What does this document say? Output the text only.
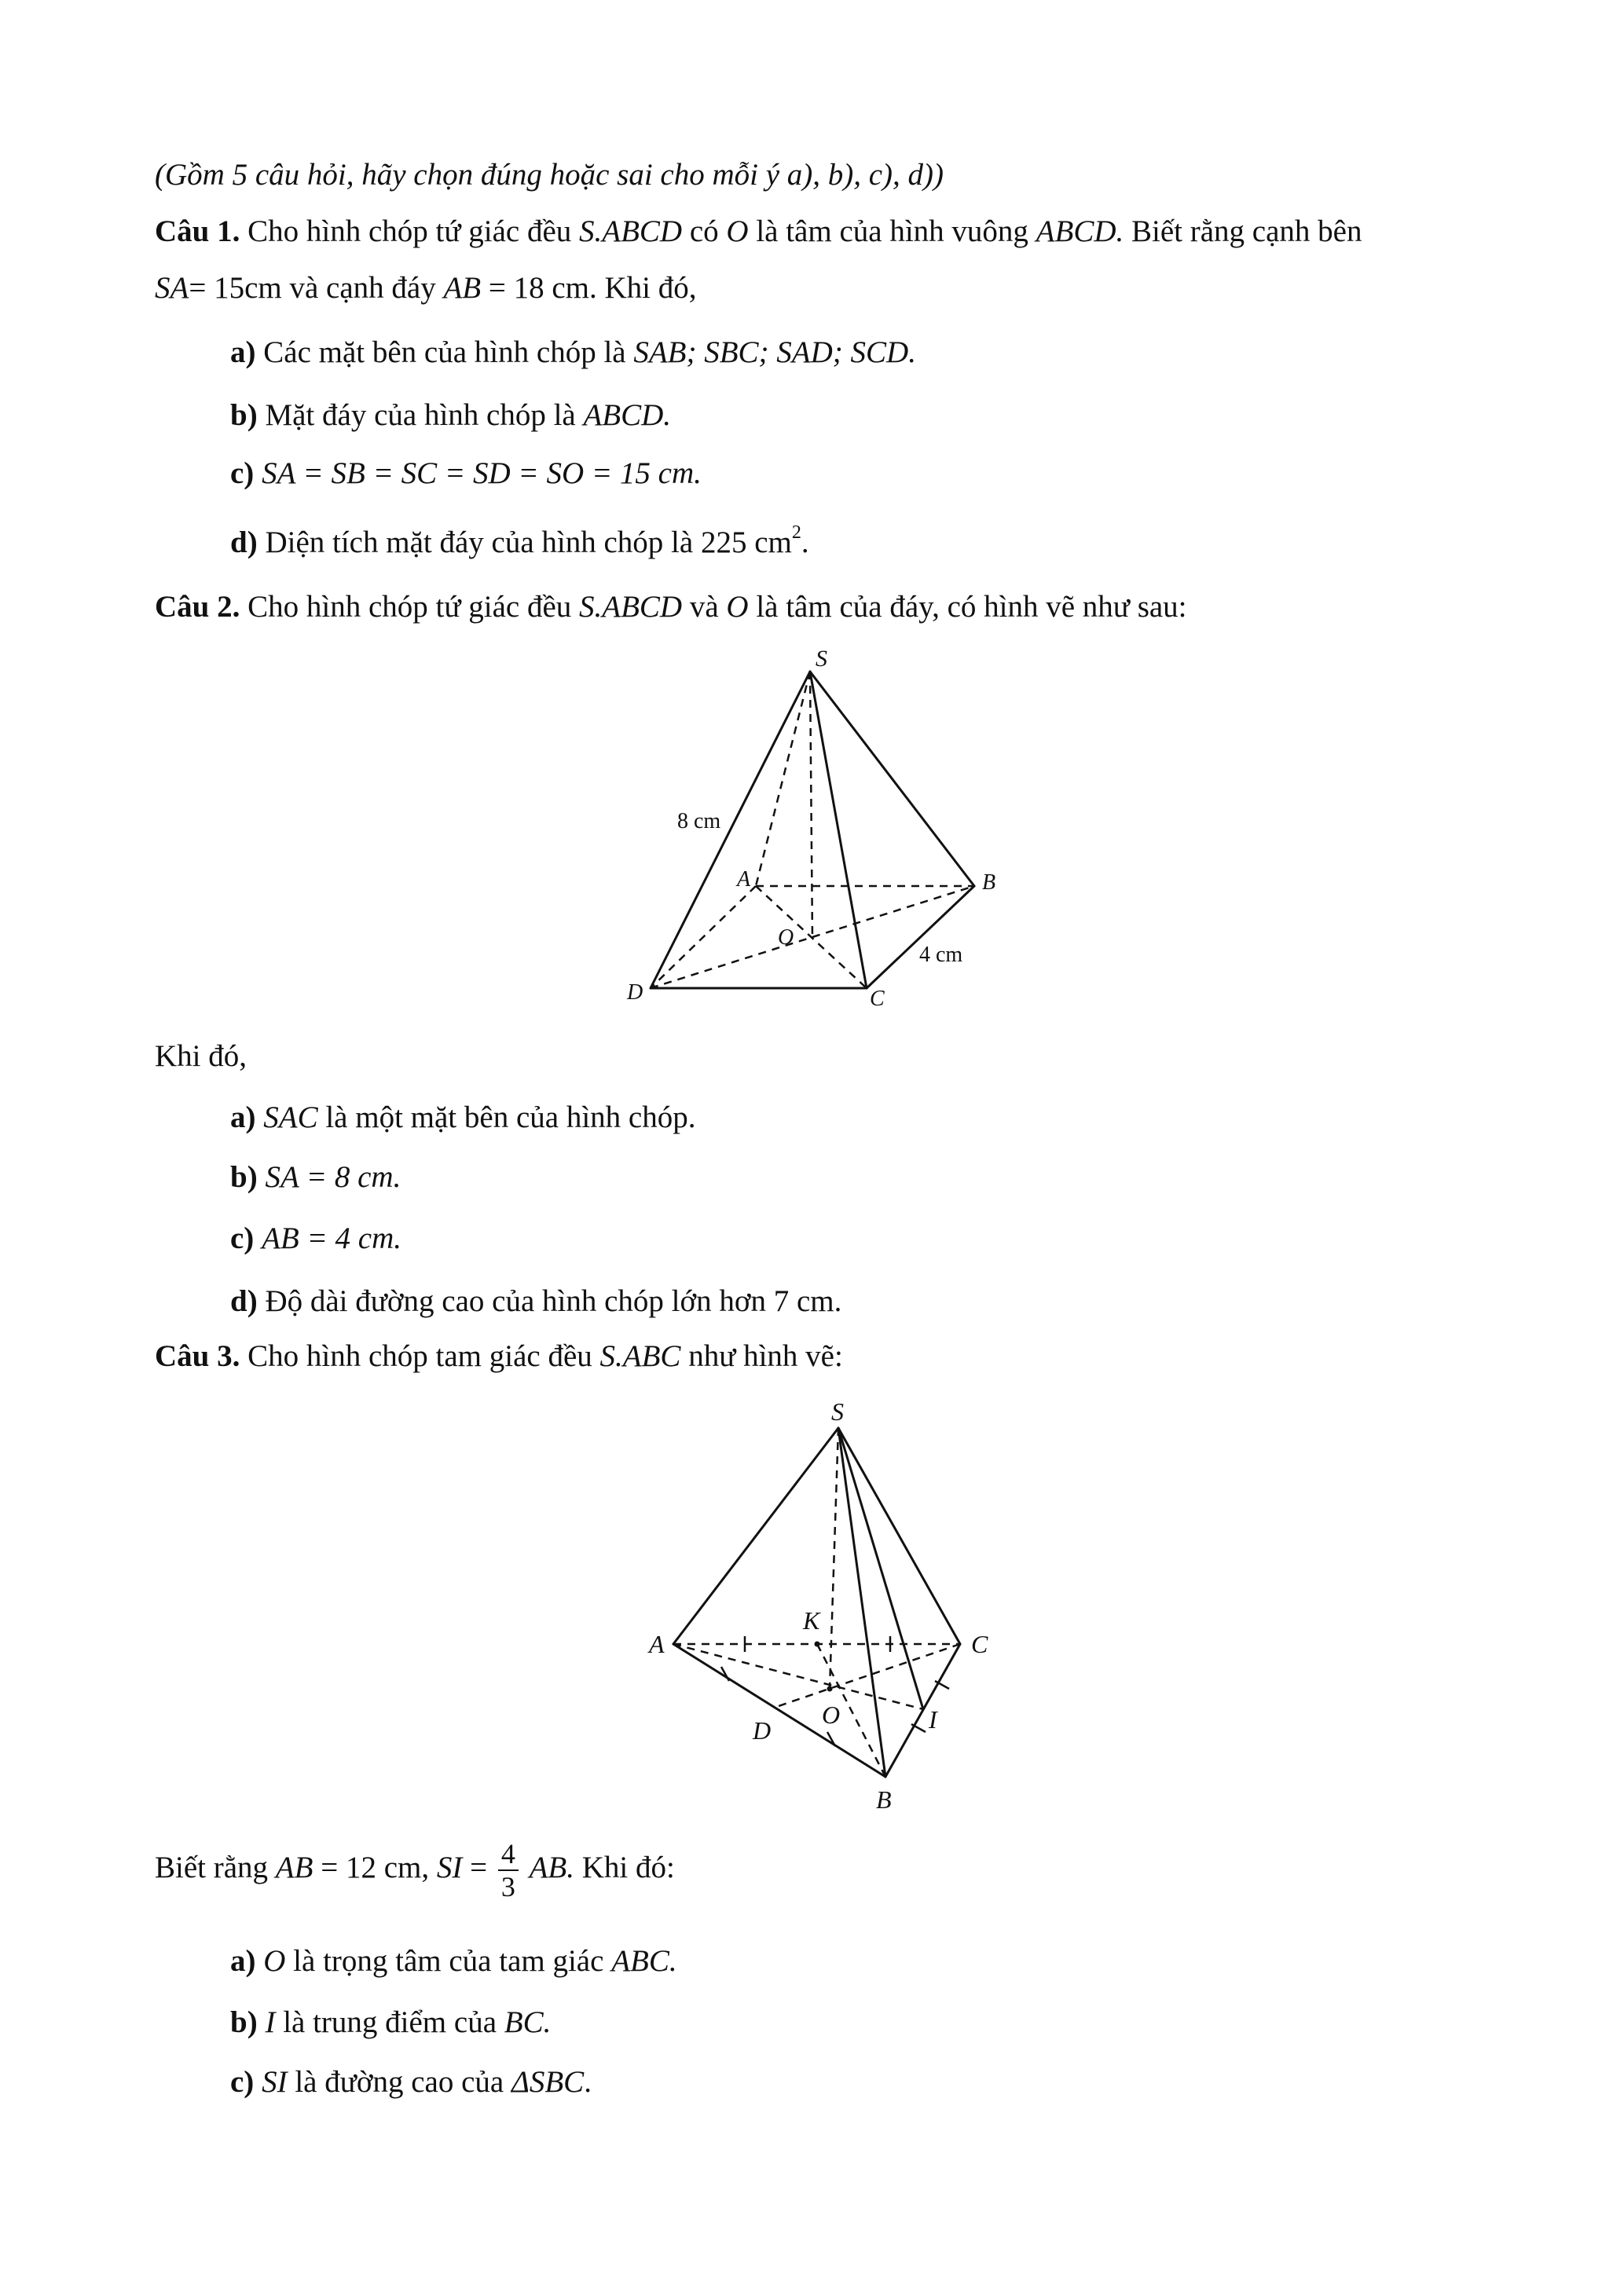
(Gồm 5 câu hỏi, hãy chọn đúng hoặc sai cho mỗi ý a), b), c), d))
Câu 1. Cho hình chóp tứ giác đều S.ABCD có O là tâm của hình vuông ABCD. Biết rằng cạnh bên
SA= 15cm và cạnh đáy AB = 18 cm. Khi đó,
a) Các mặt bên của hình chóp là SAB; SBC; SAD; SCD.
b) Mặt đáy của hình chóp là ABCD.
c) SA = SB = SC = SD = SO = 15 cm.
d) Diện tích mặt đáy của hình chóp là 225 $cm^2$.
Câu 2. Cho hình chóp tứ giác đều S.ABCD và O là tâm của đáy, có hình vẽ như sau:
S
A	B
C
D
O
8 cm
4 cm
Khi đó,
a) SAC là một mặt bên của hình chóp.
b) SA = 8 cm.
c) AB = 4 cm.
d) Độ dài đường cao của hình chóp lớn hơn 7 cm.
Câu 3. Cho hình chóp tam giác đều S.ABC như hình vẽ:
S
A
B
C
K
O
D	I
Biết rằng AB = 12 cm, SI = $\frac{4}{3}$ AB. Khi đó:
a) O là trọng tâm của tam giác ABC.
b) I là trung điểm của BC.
c) SI là đường cao của ΔSBC.
